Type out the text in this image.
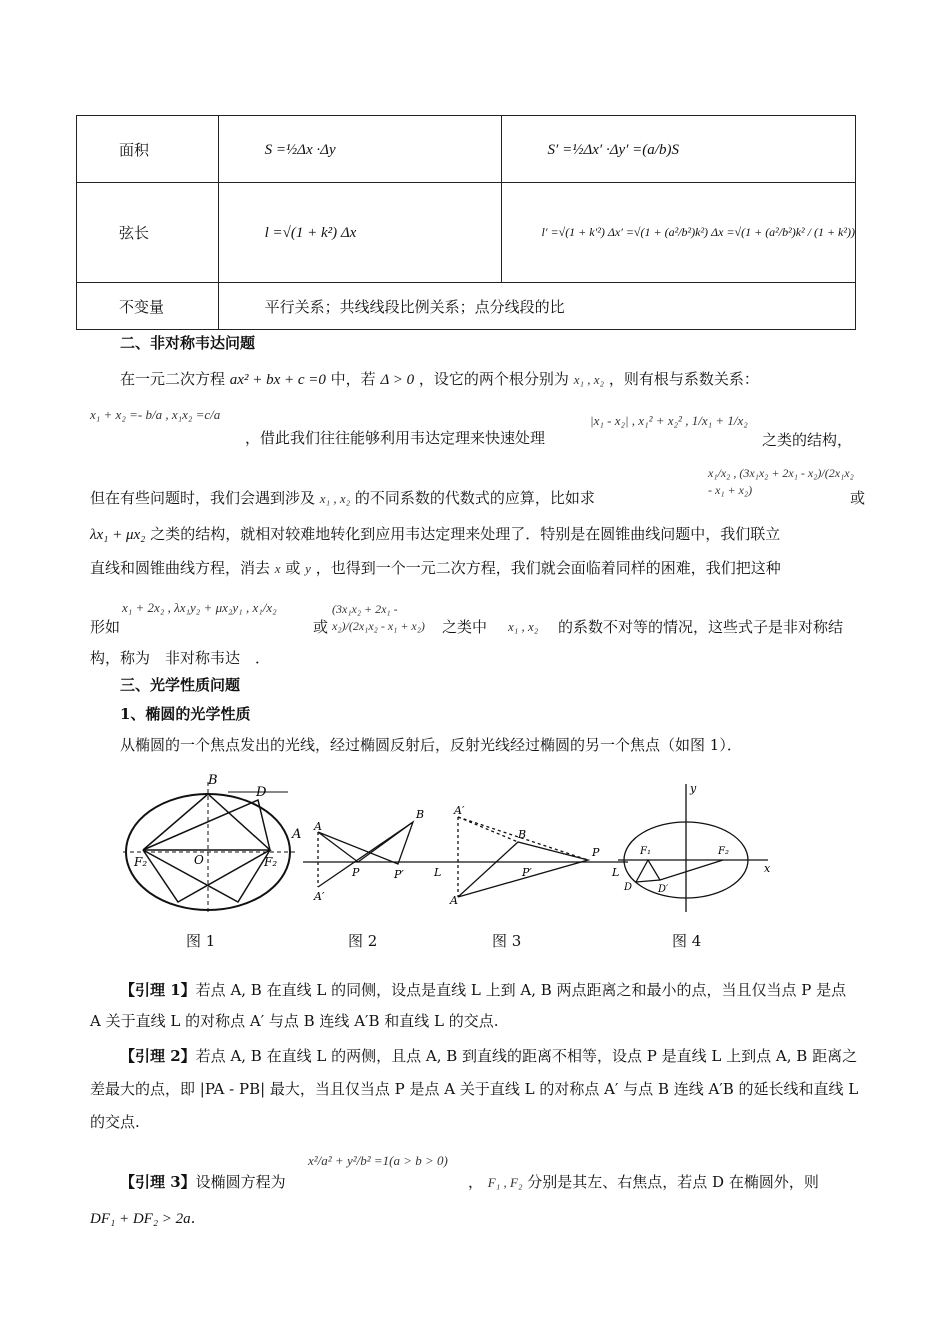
面积	S =½Δx ·Δy	S′ =½Δx′ ·Δy′ =(a/b)S
弦长	l =√(1 + k²) Δx	l′ =√(1 + k′²) Δx′ =√(1 + (a²/b²)k²) Δx =√(1 + (a²/b²)k² / (1 + k²))
不变量	平行关系；共线线段比例关系；点分线段的比	
二、非对称韦达问题
在一元二次方程 ax² + bx + c =0 中，若 Δ > 0 ，设它的两个根分别为 x₁ , x₂ ，则有根与系数关系：
x₁ + x₂ =- b/a , x₁x₂ =c/a
，借此我们往往能够利用韦达定理来快速处理
|x₁ - x₂| , x₁² + x₂² , 1/x₁ + 1/x₂
之类的结构，
x₁/x₂ , (3x₁x₂ + 2x₁ - x₂)/(2x₁x₂ - x₁ + x₂)
但在有些问题时，我们会遇到涉及 x₁ , x₂ 的不同系数的代数式的应算，比如求	或
λx₁ + μx₂ 之类的结构，就相对较难地转化到应用韦达定理来处理了．特别是在圆锥曲线问题中，我们联立
直线和圆锥曲线方程，消去 x 或 y ，也得到一个一元二次方程，我们就会面临着同样的困难，我们把这种
x₁ + 2x₂ , λx₁y₂ + μx₂y₁ , x₁/x₂	(3x₁x₂ + 2x₁ - x₂)/(2x₁x₂ - x₁ + x₂)
形如	或	之类中 x₁ , x₂ 的系数不对等的情况，这些式子是非对称结
构，称为　非对称韦达　．
三、光学性质问题
1、椭圆的光学性质
从椭圆的一个焦点发出的光线，经过椭圆反射后，反射光线经过椭圆的另一个焦点（如图 1）．
B
D
A
F₂	F₂
O
A
B
P	P′
A′
L
A′
B
P
P′
A
L
y
x
F₁	F₂
D	D′
图 1	图 2	图 3	图 4
【引理 1】若点 A, B 在直线 L 的同侧，设点是直线 L 上到 A, B 两点距离之和最小的点，当且仅当点 P 是点 A 关于直线 L 的对称点 A′ 与点 B 连线 A′B 和直线 L 的交点.
【引理 2】若点 A, B 在直线 L 的两侧，且点 A, B 到直线的距离不相等，设点 P 是直线 L 上到点 A, B 距离之差最大的点，即 |PA - PB| 最大，当且仅当点 P 是点 A 关于直线 L 的对称点 A′ 与点 B 连线 A′B 的延长线和直线 L 的交点.
【引理 3】设椭圆方程为
x²/a² + y²/b² =1(a > b > 0)
， F₁ , F₂ 分别是其左、右焦点，若点 D 在椭圆外，则
DF₁ + DF₂ > 2a.
